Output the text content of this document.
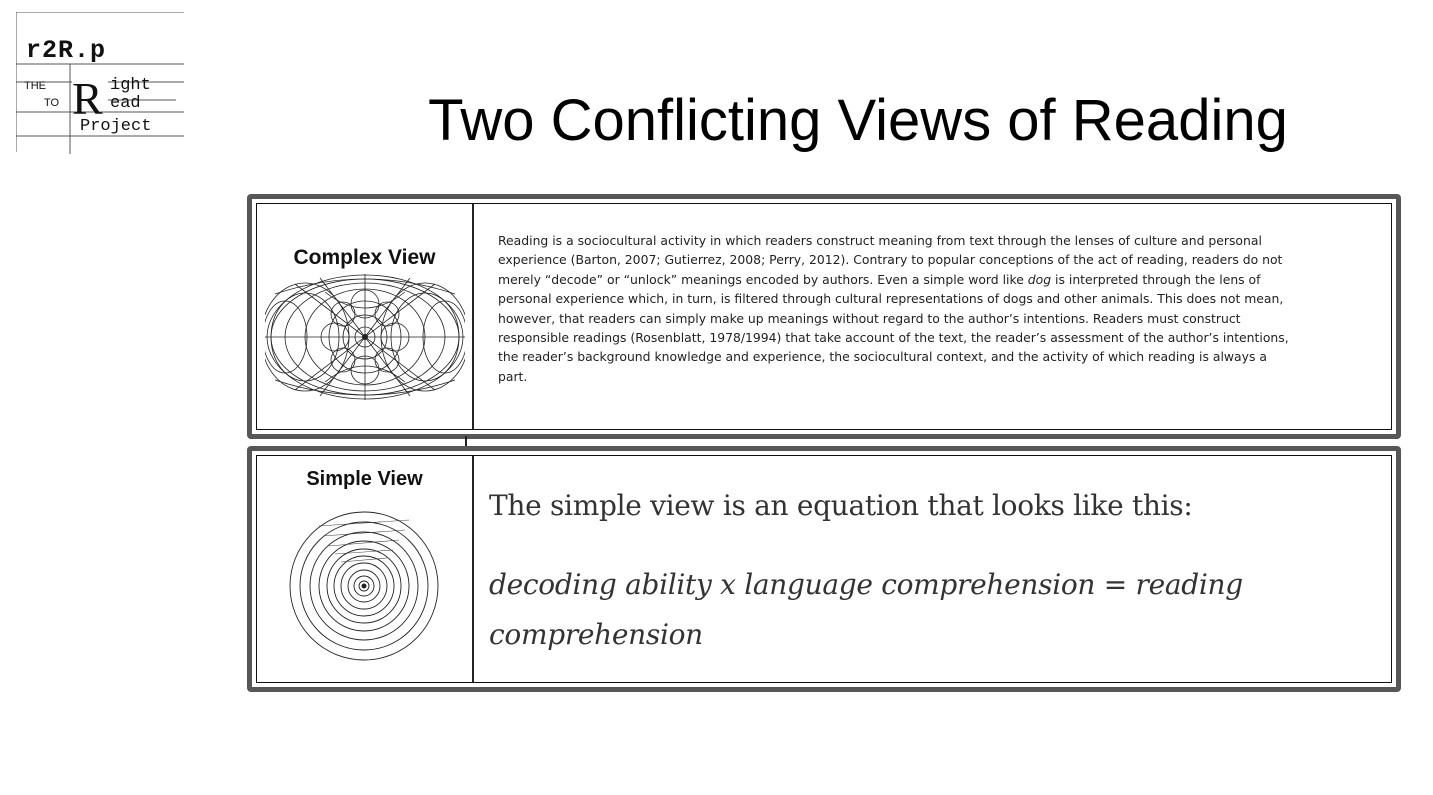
r2R.p
THE
TO R ight
ead
Project	Two Conflicting Views of Reading
Complex View

Reading is a sociocultural activity in which readers construct meaning from text through the lenses of culture and personal experience (Barton, 2007; Gutierrez, 2008; Perry, 2012). Contrary to popular conceptions of the act of reading, readers do not merely “decode” or “unlock” meanings encoded by authors. Even a simple word like dog is interpreted through the lens of personal experience which, in turn, is filtered through cultural representations of dogs and other animals. This does not mean, however, that readers can simply make up meanings without regard to the author’s intentions. Readers must construct responsible readings (Rosenblatt, 1978/1994) that take account of the text, the reader’s assessment of the author’s intentions, the reader’s background knowledge and experience, the sociocultural context, and the activity of which reading is always a part.

Simple View

The simple view is an equation that looks like this:

decoding ability x language comprehension = reading comprehension
